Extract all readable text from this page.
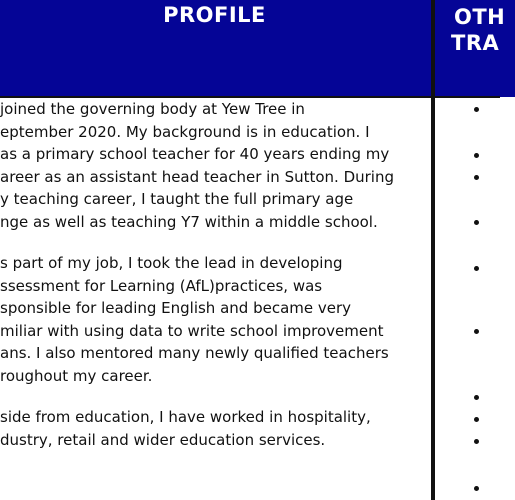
PROFILE	OTH
TRA
joined the governing body at Yew Tree in
eptember 2020. My background is in education. I
as a primary school teacher for 40 years ending my
areer as an assistant head teacher in Sutton. During
y teaching career, I taught the full primary age
nge as well as teaching Y7 within a middle school.
s part of my job, I took the lead in developing
ssessment for Learning (AfL)practices, was
sponsible for leading English and became very
miliar with using data to write school improvement
ans. I also mentored many newly qualified teachers
roughout my career.
side from education, I have worked in hospitality,
dustry, retail and wider education services.
